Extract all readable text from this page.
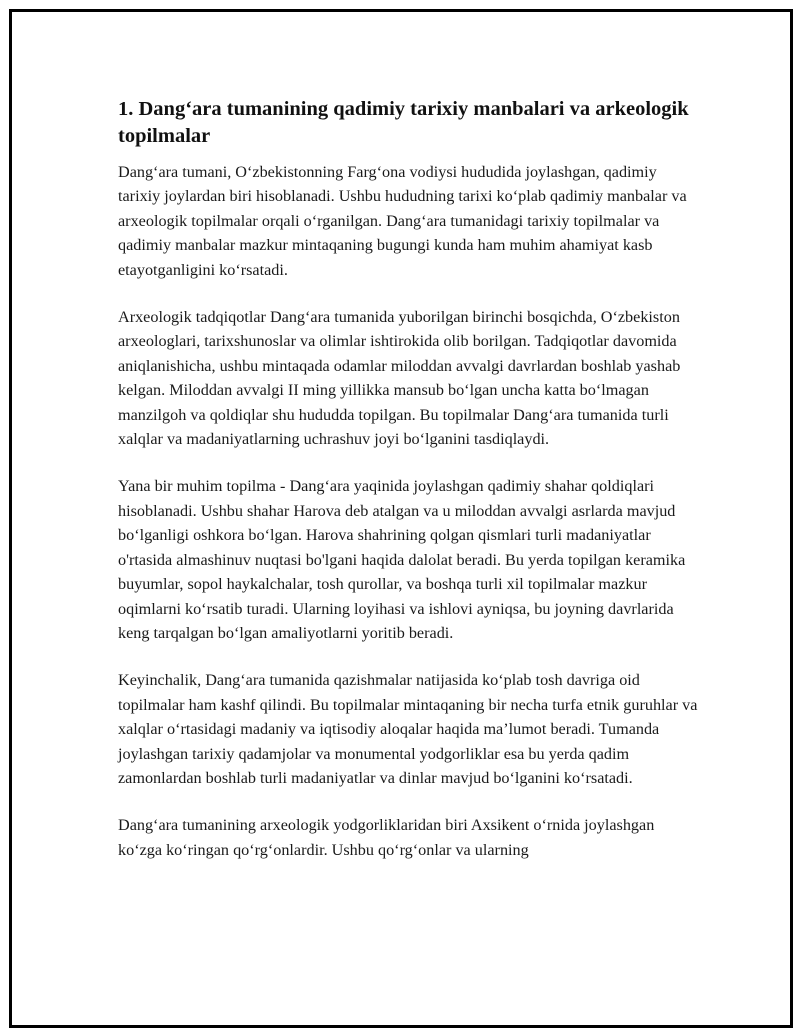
1. Dang‘ara tumanining qadimiy tarixiy manbalari va arkeologik topilmalar

Dang‘ara tumani, O‘zbekistonning Farg‘ona vodiysi hududida joylashgan, qadimiy tarixiy joylardan biri hisoblanadi. Ushbu hududning tarixi ko‘plab qadimiy manbalar va arxeologik topilmalar orqali o‘rganilgan. Dang‘ara tumanidagi tarixiy topilmalar va qadimiy manbalar mazkur mintaqaning bugungi kunda ham muhim ahamiyat kasb etayotganligini ko‘rsatadi.

Arxeologik tadqiqotlar Dang‘ara tumanida yuborilgan birinchi bosqichda, O‘zbekiston arxeologlari, tarixshunoslar va olimlar ishtirokida olib borilgan. Tadqiqotlar davomida aniqlanishicha, ushbu mintaqada odamlar miloddan avvalgi davrlardan boshlab yashab kelgan. Miloddan avvalgi II ming yillikka mansub bo‘lgan uncha katta bo‘lmagan manzilgoh va qoldiqlar shu hududda topilgan. Bu topilmalar Dang‘ara tumanida turli xalqlar va madaniyatlarning uchrashuv joyi bo‘lganini tasdiqlaydi.

Yana bir muhim topilma - Dang‘ara yaqinida joylashgan qadimiy shahar qoldiqlari hisoblanadi. Ushbu shahar Harova deb atalgan va u miloddan avvalgi asrlarda mavjud bo‘lganligi oshkora bo‘lgan. Harova shahrining qolgan qismlari turli madaniyatlar o'rtasida almashinuv nuqtasi bo'lgani haqida dalolat beradi. Bu yerda topilgan keramika buyumlar, sopol haykalchalar, tosh qurollar, va boshqa turli xil topilmalar mazkur oqimlarni ko‘rsatib turadi. Ularning loyihasi va ishlovi ayniqsa, bu joyning davrlarida keng tarqalgan bo‘lgan amaliyotlarni yoritib beradi.

Keyinchalik, Dang‘ara tumanida qazishmalar natijasida ko‘plab tosh davriga oid topilmalar ham kashf qilindi. Bu topilmalar mintaqaning bir necha turfa etnik guruhlar va xalqlar o‘rtasidagi madaniy va iqtisodiy aloqalar haqida ma’lumot beradi. Tumanda joylashgan tarixiy qadamjolar va monumental yodgorliklar esa bu yerda qadim zamonlardan boshlab turli madaniyatlar va dinlar mavjud bo‘lganini ko‘rsatadi.

Dang‘ara tumanining arxeologik yodgorliklaridan biri Axsikent o‘rnida joylashgan ko‘zga ko‘ringan qo‘rg‘onlardir. Ushbu qo‘rg‘onlar va ularning
